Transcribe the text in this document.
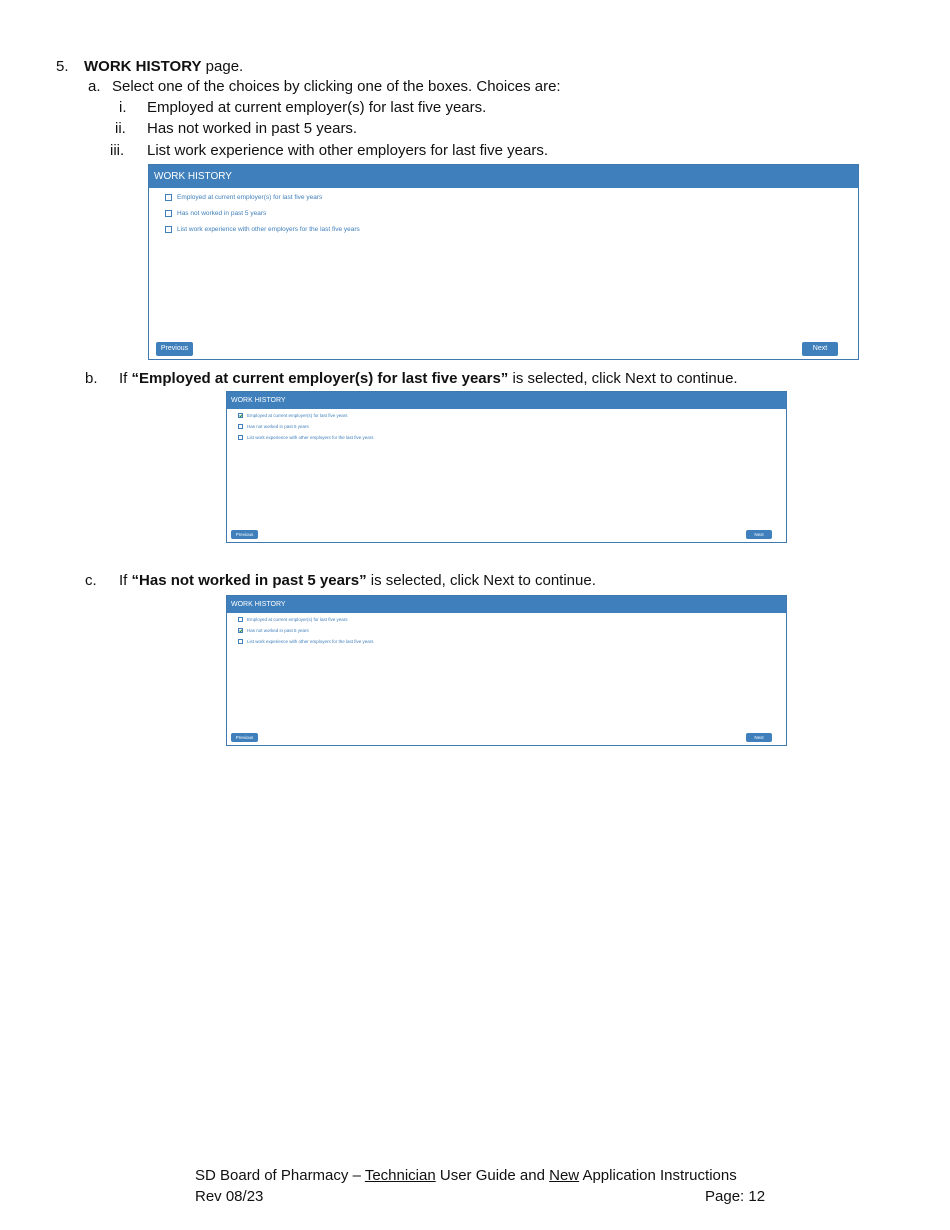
5. WORK HISTORY page.
a. Select one of the choices by clicking one of the boxes. Choices are:
i. Employed at current employer(s) for last five years.
ii. Has not worked in past 5 years.
iii. List work experience with other employers for last five years.
WORK HISTORY
Employed at current employer(s) for last five years
Has not worked in past 5 years
List work experience with other employers for the last five years
Previous	Next
b. If “Employed at current employer(s) for last five years” is selected, click Next to continue.
WORK HISTORY
Employed at current employer(s) for last five years
Has not worked in past 5 years
List work experience with other employers for the last five years
Previous	Next
c. If “Has not worked in past 5 years” is selected, click Next to continue.
WORK HISTORY
Employed at current employer(s) for last five years
Has not worked in past 5 years
List work experience with other employers for the last five years
Previous	Next
SD Board of Pharmacy – Technician User Guide and New Application Instructions
Rev 08/23	Page: 12
